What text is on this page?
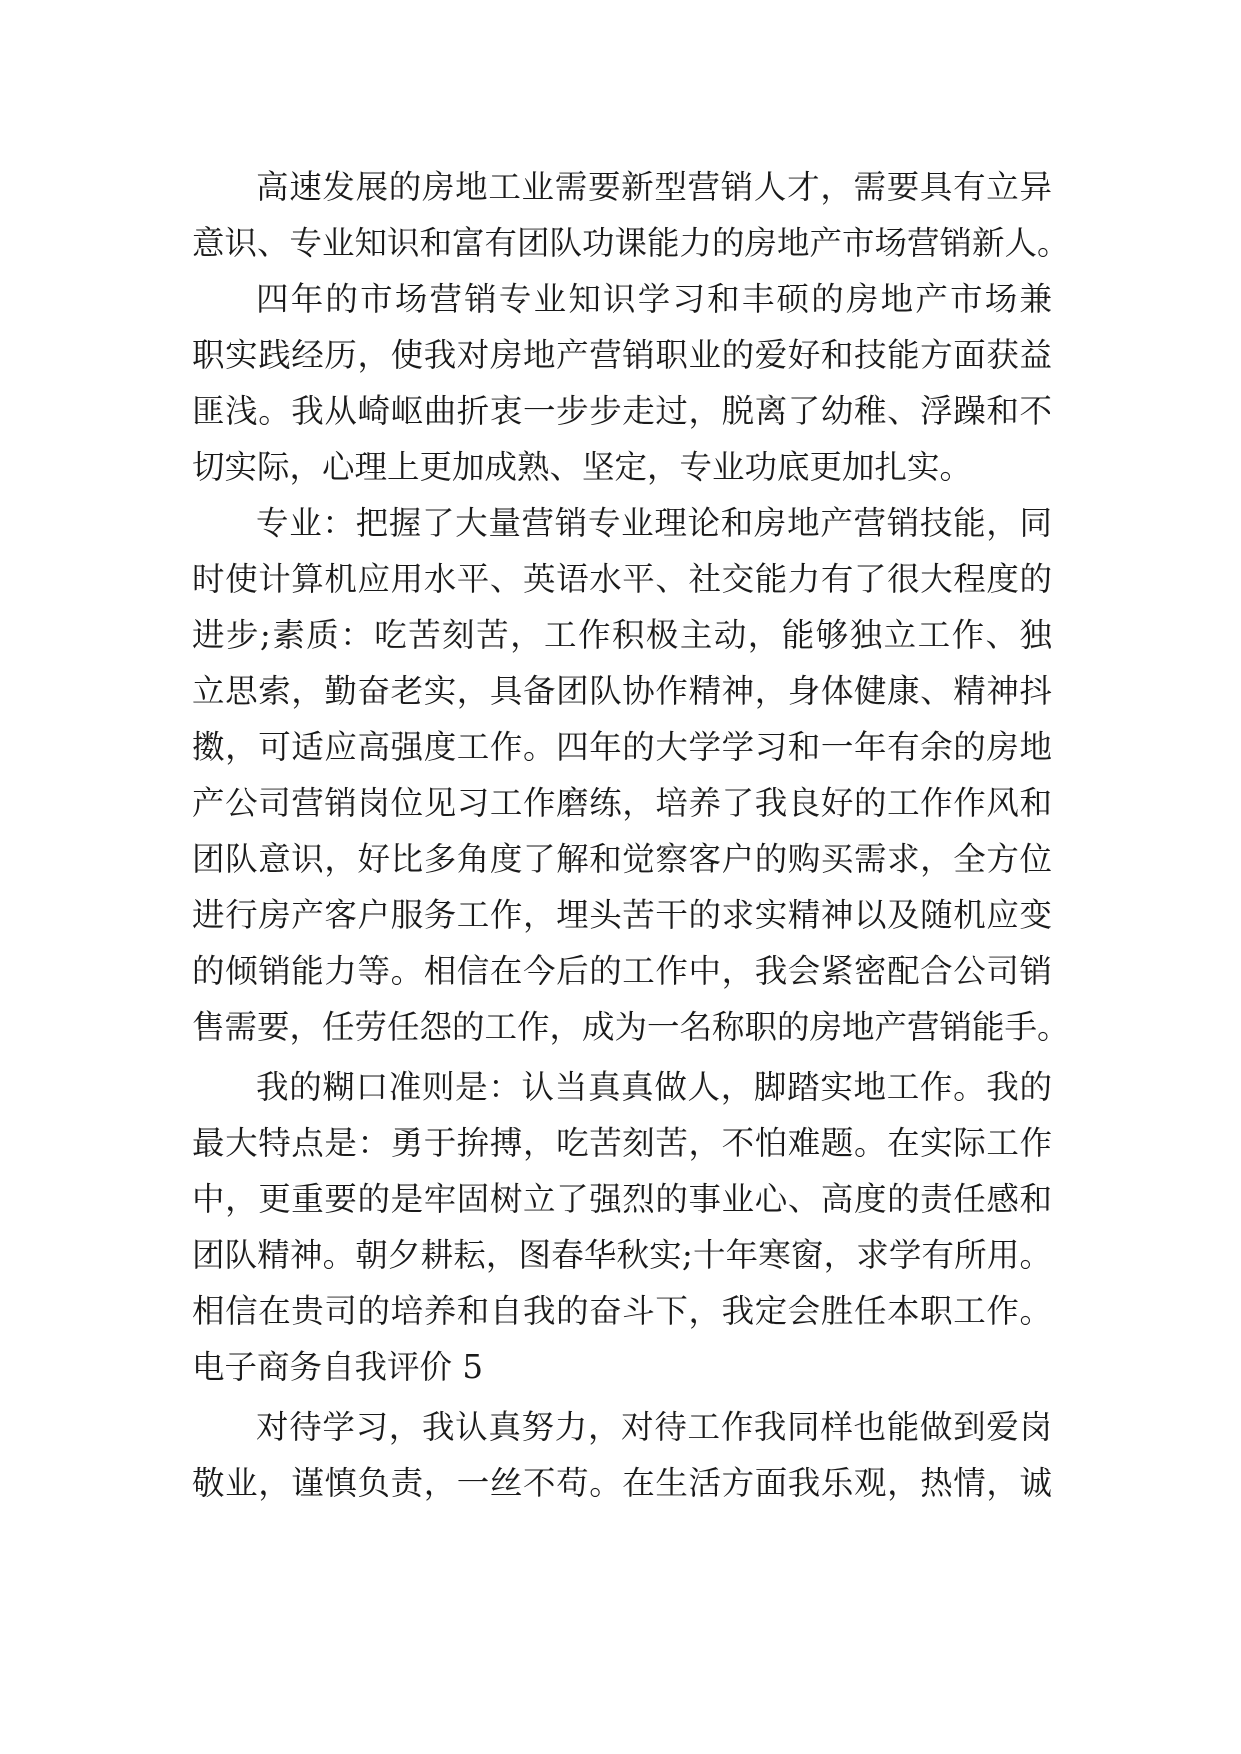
高速发展的房地工业需要新型营销人才，需要具有立异
意识、专业知识和富有团队功课能力的房地产市场营销新人。
四年的市场营销专业知识学习和丰硕的房地产市场兼
职实践经历，使我对房地产营销职业的爱好和技能方面获益
匪浅。我从崎岖曲折衷一步步走过，脱离了幼稚、浮躁和不
切实际，心理上更加成熟、坚定，专业功底更加扎实。
专业：把握了大量营销专业理论和房地产营销技能，同
时使计算机应用水平、英语水平、社交能力有了很大程度的
进步;素质：吃苦刻苦，工作积极主动，能够独立工作、独
立思索，勤奋老实，具备团队协作精神，身体健康、精神抖
擞，可适应高强度工作。四年的大学学习和一年有余的房地
产公司营销岗位见习工作磨练，培养了我良好的工作作风和
团队意识，好比多角度了解和觉察客户的购买需求，全方位
进行房产客户服务工作，埋头苦干的求实精神以及随机应变
的倾销能力等。相信在今后的工作中，我会紧密配合公司销
售需要，任劳任怨的工作，成为一名称职的房地产营销能手。
我的糊口准则是：认当真真做人，脚踏实地工作。我的
最大特点是：勇于拚搏，吃苦刻苦，不怕难题。在实际工作
中，更重要的是牢固树立了强烈的事业心、高度的责任感和
团队精神。朝夕耕耘，图春华秋实;十年寒窗，求学有所用。
相信在贵司的培养和自我的奋斗下，我定会胜任本职工作。
电子商务自我评价 5
对待学习，我认真努力，对待工作我同样也能做到爱岗
敬业，谨慎负责，一丝不苟。在生活方面我乐观，热情，诚
